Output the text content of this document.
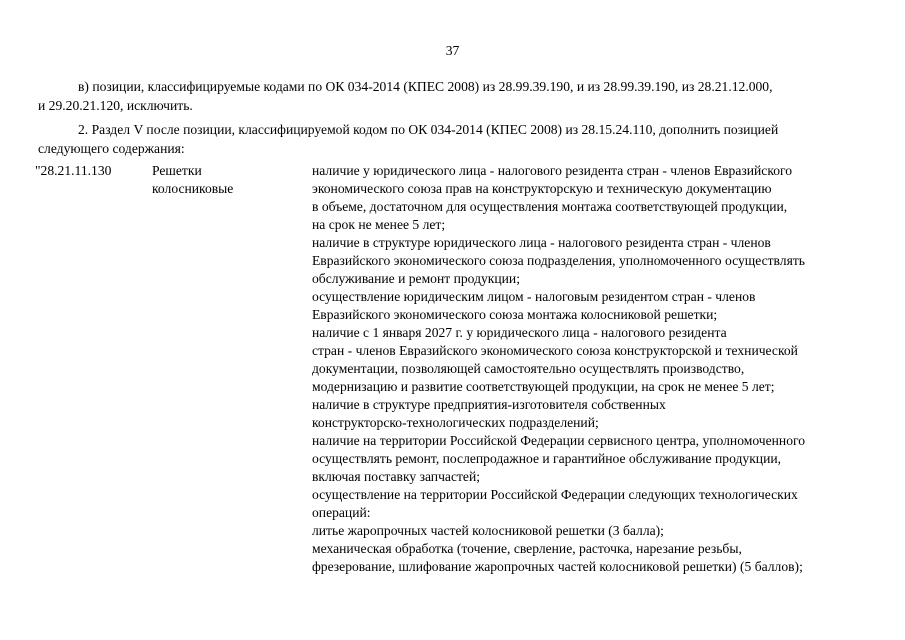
37
в) позиции, классифицируемые кодами по ОК 034-2014 (КПЕС 2008) из 28.99.39.190, и из 28.99.39.190, из 28.21.12.000,
и 29.20.21.120, исключить.
2. Раздел V после позиции, классифицируемой кодом по ОК 034-2014 (КПЕС 2008) из 28.15.24.110, дополнить позицией
следующего содержания:
"28.21.11.130	Решетки
колосниковые
наличие у юридического лица - налогового резидента стран - членов Евразийского
экономического союза прав на конструкторскую и техническую документацию
в объеме, достаточном для осуществления монтажа соответствующей продукции,
на срок не менее 5 лет;
наличие в структуре юридического лица - налогового резидента стран - членов
Евразийского экономического союза подразделения, уполномоченного осуществлять
обслуживание и ремонт продукции;
осуществление юридическим лицом - налоговым резидентом стран - членов
Евразийского экономического союза монтажа колосниковой решетки;
наличие с 1 января 2027 г. у юридического лица - налогового резидента
стран - членов Евразийского экономического союза конструкторской и технической
документации, позволяющей самостоятельно осуществлять производство,
модернизацию и развитие соответствующей продукции, на срок не менее 5 лет;
наличие в структуре предприятия-изготовителя собственных
конструкторско-технологических подразделений;
наличие на территории Российской Федерации сервисного центра, уполномоченного
осуществлять ремонт, послепродажное и гарантийное обслуживание продукции,
включая поставку запчастей;
осуществление на территории Российской Федерации следующих технологических
операций:
литье жаропрочных частей колосниковой решетки (3 балла);
механическая обработка (точение, сверление, расточка, нарезание резьбы,
фрезерование, шлифование жаропрочных частей колосниковой решетки) (5 баллов);
